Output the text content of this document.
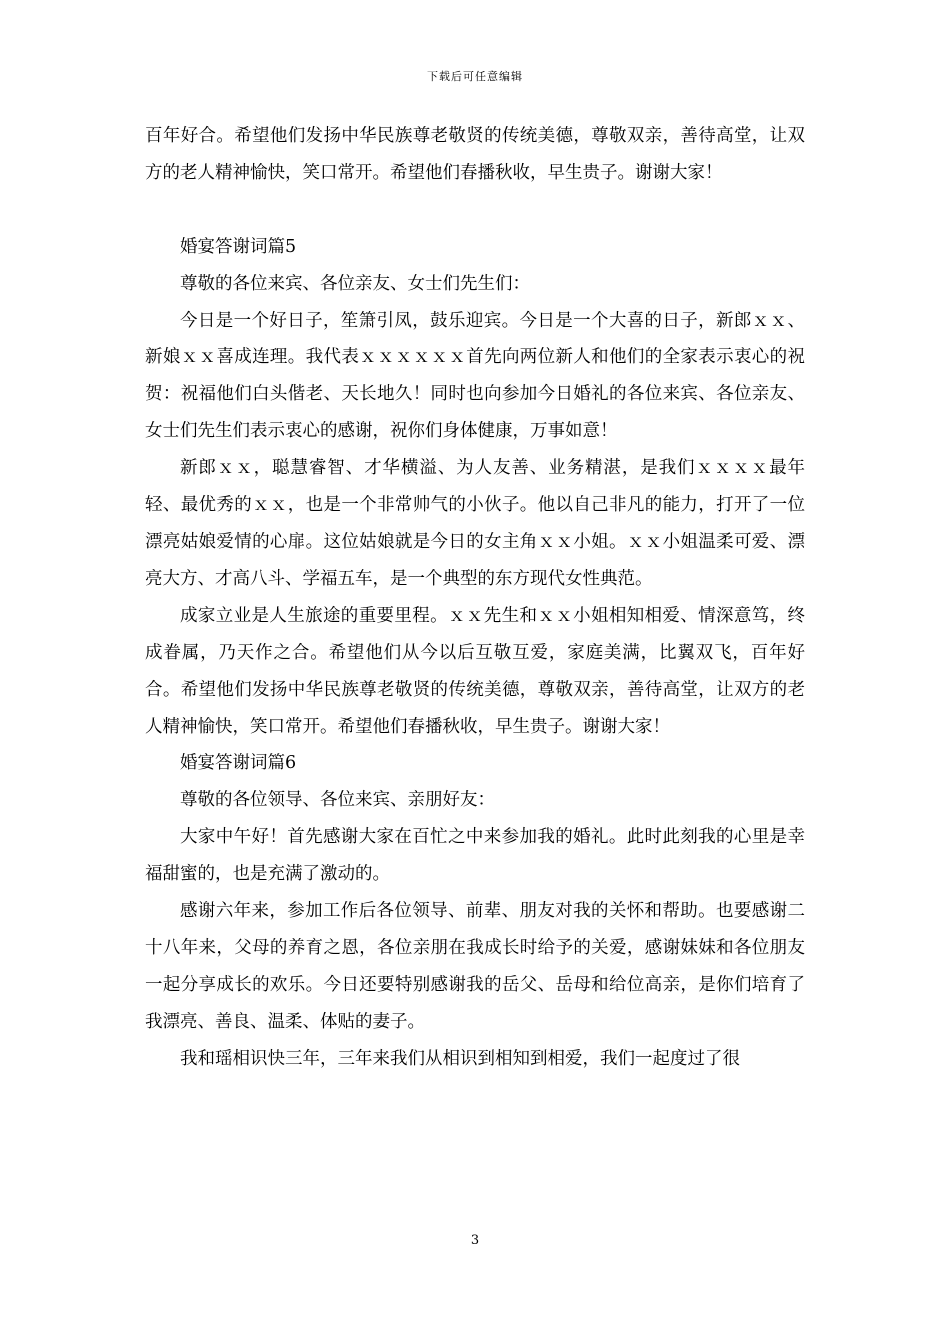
下载后可任意编辑

百年好合。希望他们发扬中华民族尊老敬贤的传统美德，尊敬双亲，善待高堂，让双方的老人精神愉快，笑口常开。希望他们春播秋收，早生贵子。谢谢大家！

婚宴答谢词篇5

尊敬的各位来宾、各位亲友、女士们先生们：

今日是一个好日子，笙箫引凤，鼓乐迎宾。今日是一个大喜的日子，新郎ｘｘ、新娘ｘｘ喜成连理。我代表ｘｘｘｘｘｘ首先向两位新人和他们的全家表示衷心的祝贺：祝福他们白头偕老、天长地久！同时也向参加今日婚礼的各位来宾、各位亲友、女士们先生们表示衷心的感谢，祝你们身体健康，万事如意！

新郎ｘｘ，聪慧睿智、才华横溢、为人友善、业务精湛，是我们ｘｘｘｘ最年轻、最优秀的ｘｘ，也是一个非常帅气的小伙子。他以自己非凡的能力，打开了一位漂亮姑娘爱情的心扉。这位姑娘就是今日的女主角ｘｘ小姐。ｘｘ小姐温柔可爱、漂亮大方、才高八斗、学福五车，是一个典型的东方现代女性典范。

成家立业是人生旅途的重要里程。ｘｘ先生和ｘｘ小姐相知相爱、情深意笃，终成眷属，乃天作之合。希望他们从今以后互敬互爱，家庭美满，比翼双飞，百年好合。希望他们发扬中华民族尊老敬贤的传统美德，尊敬双亲，善待高堂，让双方的老人精神愉快，笑口常开。希望他们春播秋收，早生贵子。谢谢大家！

婚宴答谢词篇6

尊敬的各位领导、各位来宾、亲朋好友：

大家中午好！首先感谢大家在百忙之中来参加我的婚礼。此时此刻我的心里是幸福甜蜜的，也是充满了激动的。

感谢六年来，参加工作后各位领导、前辈、朋友对我的关怀和帮助。也要感谢二十八年来，父母的养育之恩，各位亲朋在我成长时给予的关爱，感谢妹妹和各位朋友一起分享成长的欢乐。今日还要特别感谢我的岳父、岳母和给位高亲，是你们培育了我漂亮、善良、温柔、体贴的妻子。

我和瑶相识快三年，三年来我们从相识到相知到相爱，我们一起度过了很

3
